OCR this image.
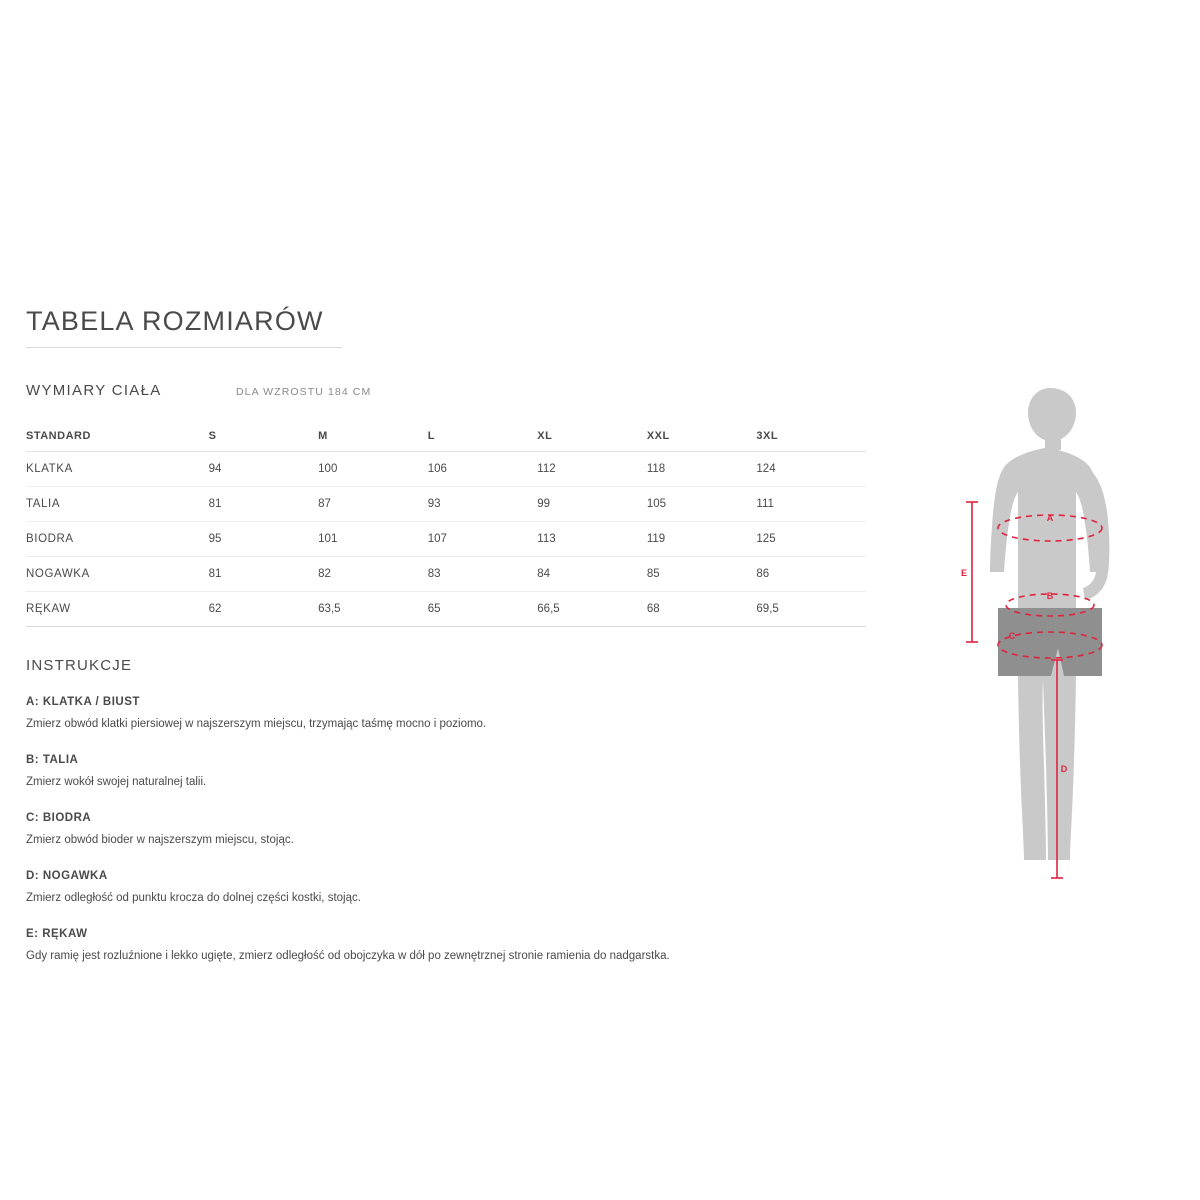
TABELA ROZMIARÓW
WYMIARY CIAŁA	DLA WZROSTU 184 CM
STANDARD	S	M	L	XL	XXL	3XL
KLATKA	94	100	106	112	118	124
TALIA	81	87	93	99	105	111
BIODRA	95	101	107	113	119	125
NOGAWKA	81	82	83	84	85	86
RĘKAW	62	63,5	65	66,5	68	69,5
INSTRUKCJE
A: KLATKA / BIUST
Zmierz obwód klatki piersiowej w najszerszym miejscu, trzymając taśmę mocno i poziomo.
B: TALIA
Zmierz wokół swojej naturalnej talii.
C: BIODRA
Zmierz obwód bioder w najszerszym miejscu, stojąc.
D: NOGAWKA
Zmierz odległość od punktu krocza do dolnej części kostki, stojąc.
E: RĘKAW
Gdy ramię jest rozluźnione i lekko ugięte, zmierz odległość od obojczyka w dół po zewnętrznej stronie ramienia do nadgarstka.
A
B
C
E
D
